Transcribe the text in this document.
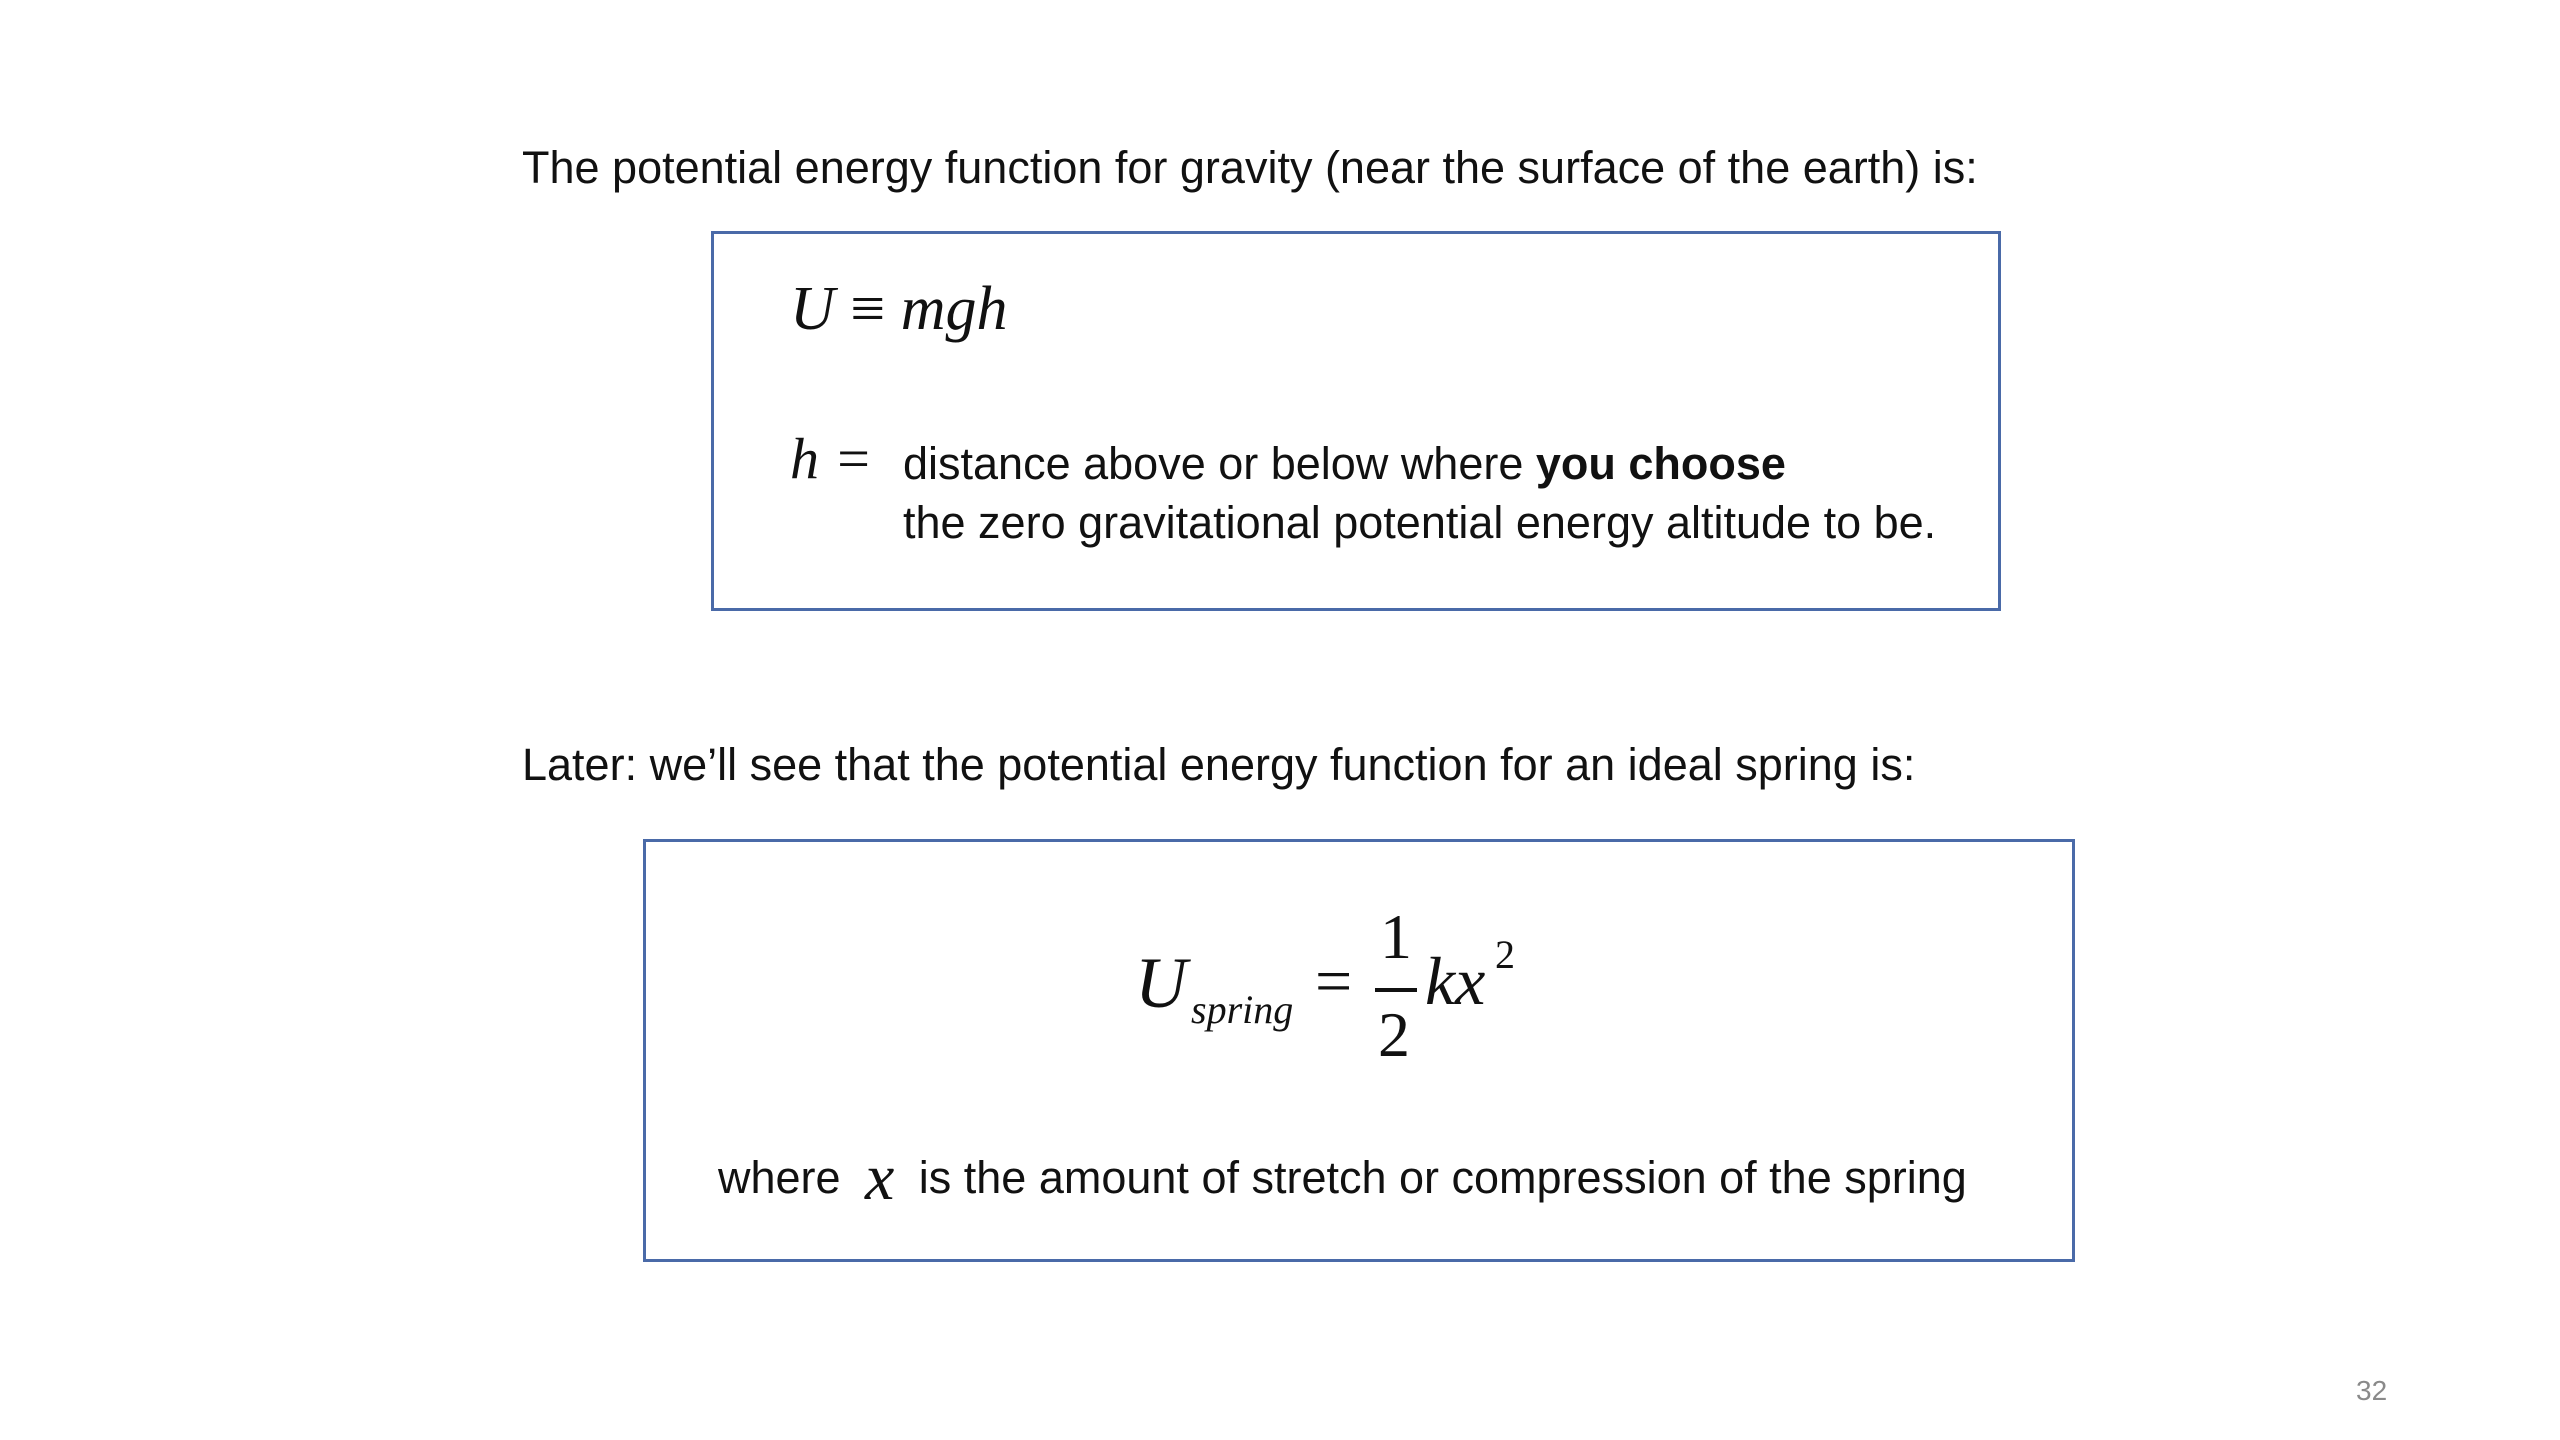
The potential energy function for gravity (near the surface of the earth) is:
U ≡ mgh
h = distance above or below where you choose
the zero gravitational potential energy altitude to be.
Later: we’ll see that the potential energy function for an ideal spring is:
U spring =
1
2
kx 2
where x is the amount of stretch or compression of the spring
32
